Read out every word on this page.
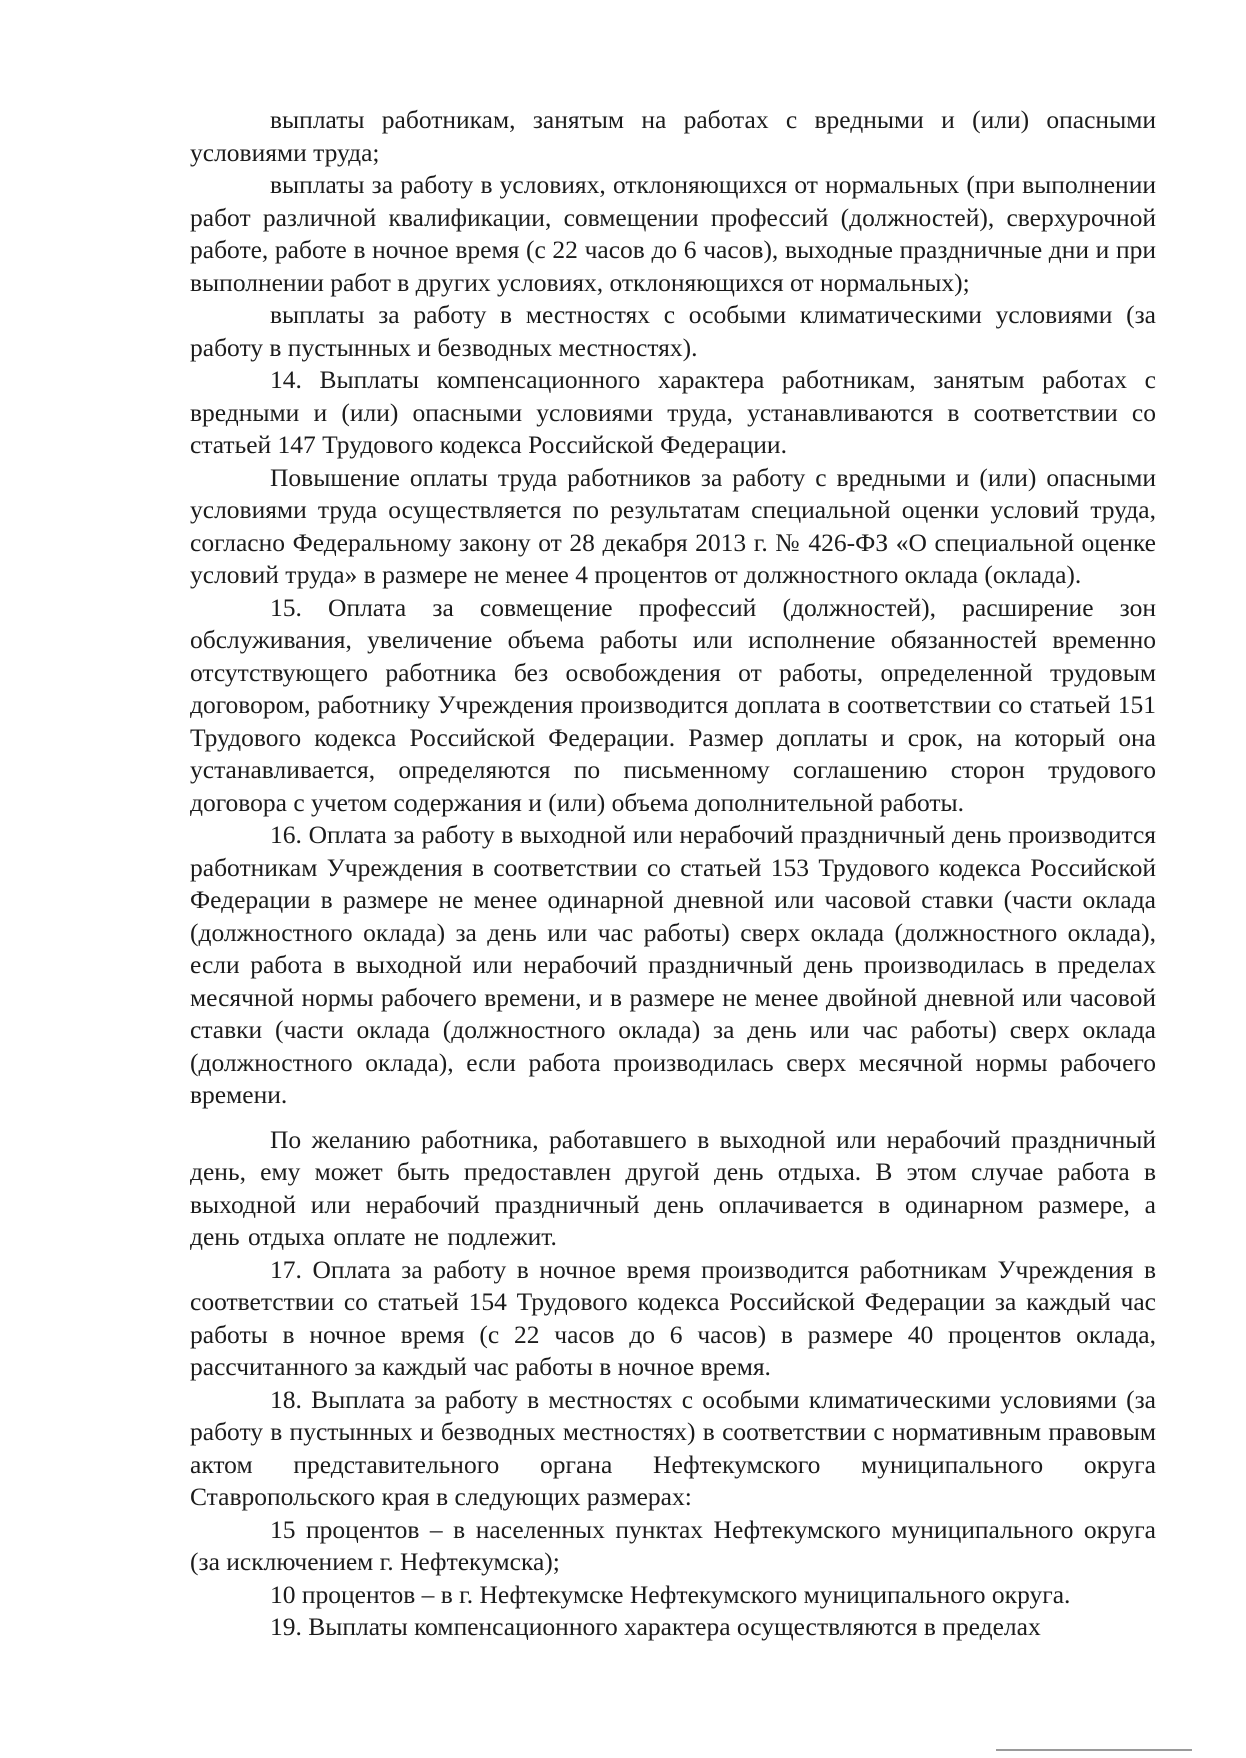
выплаты работникам, занятым на работах с вредными и (или) опасными условиями труда;

выплаты за работу в условиях, отклоняющихся от нормальных (при выполнении работ различной квалификации, совмещении профессий (должностей), сверхурочной работе, работе в ночное время (с 22 часов до 6 часов), выходные праздничные дни и при выполнении работ в других условиях, отклоняющихся от нормальных);

выплаты за работу в местностях с особыми климатическими условиями (за работу в пустынных и безводных местностях).

14. Выплаты компенсационного характера работникам, занятым работах с вредными и (или) опасными условиями труда, устанавливаются в соответствии со статьей 147 Трудового кодекса Российской Федерации.

Повышение оплаты труда работников за работу с вредными и (или) опасными условиями труда осуществляется по результатам специальной оценки условий труда, согласно Федеральному закону от 28 декабря 2013 г. № 426-ФЗ «О специальной оценке условий труда» в размере не менее 4 процентов от должностного оклада (оклада).

15. Оплата за совмещение профессий (должностей), расширение зон обслуживания, увеличение объема работы или исполнение обязанностей временно отсутствующего работника без освобождения от работы, определенной трудовым договором, работнику Учреждения производится доплата в соответствии со статьей 151 Трудового кодекса Российской Федерации. Размер доплаты и срок, на который она устанавливается, определяются по письменному соглашению сторон трудового договора с учетом содержания и (или) объема дополнительной работы.

16. Оплата за работу в выходной или нерабочий праздничный день производится работникам Учреждения в соответствии со статьей 153 Трудового кодекса Российской Федерации в размере не менее одинарной дневной или часовой ставки (части оклада (должностного оклада) за день или час работы) сверх оклада (должностного оклада), если работа в выходной или нерабочий праздничный день производилась в пределах месячной нормы рабочего времени, и в размере не менее двойной дневной или часовой ставки (части оклада (должностного оклада) за день или час работы) сверх оклада (должностного оклада), если работа производилась сверх месячной нормы рабочего времени.

По желанию работника, работавшего в выходной или нерабочий праздничный день, ему может быть предоставлен другой день отдыха. В этом случае работа в выходной или нерабочий праздничный день оплачивается в одинарном размере, а день отдыха оплате не подлежит.

17. Оплата за работу в ночное время производится работникам Учреждения в соответствии со статьей 154 Трудового кодекса Российской Федерации за каждый час работы в ночное время (с 22 часов до 6 часов) в размере 40 процентов оклада, рассчитанного за каждый час работы в ночное время.

18. Выплата за работу в местностях с особыми климатическими условиями (за работу в пустынных и безводных местностях) в соответствии с нормативным правовым актом представительного органа Нефтекумского муниципального округа Ставропольского края в следующих размерах:

15 процентов – в населенных пунктах Нефтекумского муниципального округа (за исключением г. Нефтекумска);

10 процентов – в г. Нефтекумске Нефтекумского муниципального округа.

19. Выплаты компенсационного характера осуществляются в пределах
